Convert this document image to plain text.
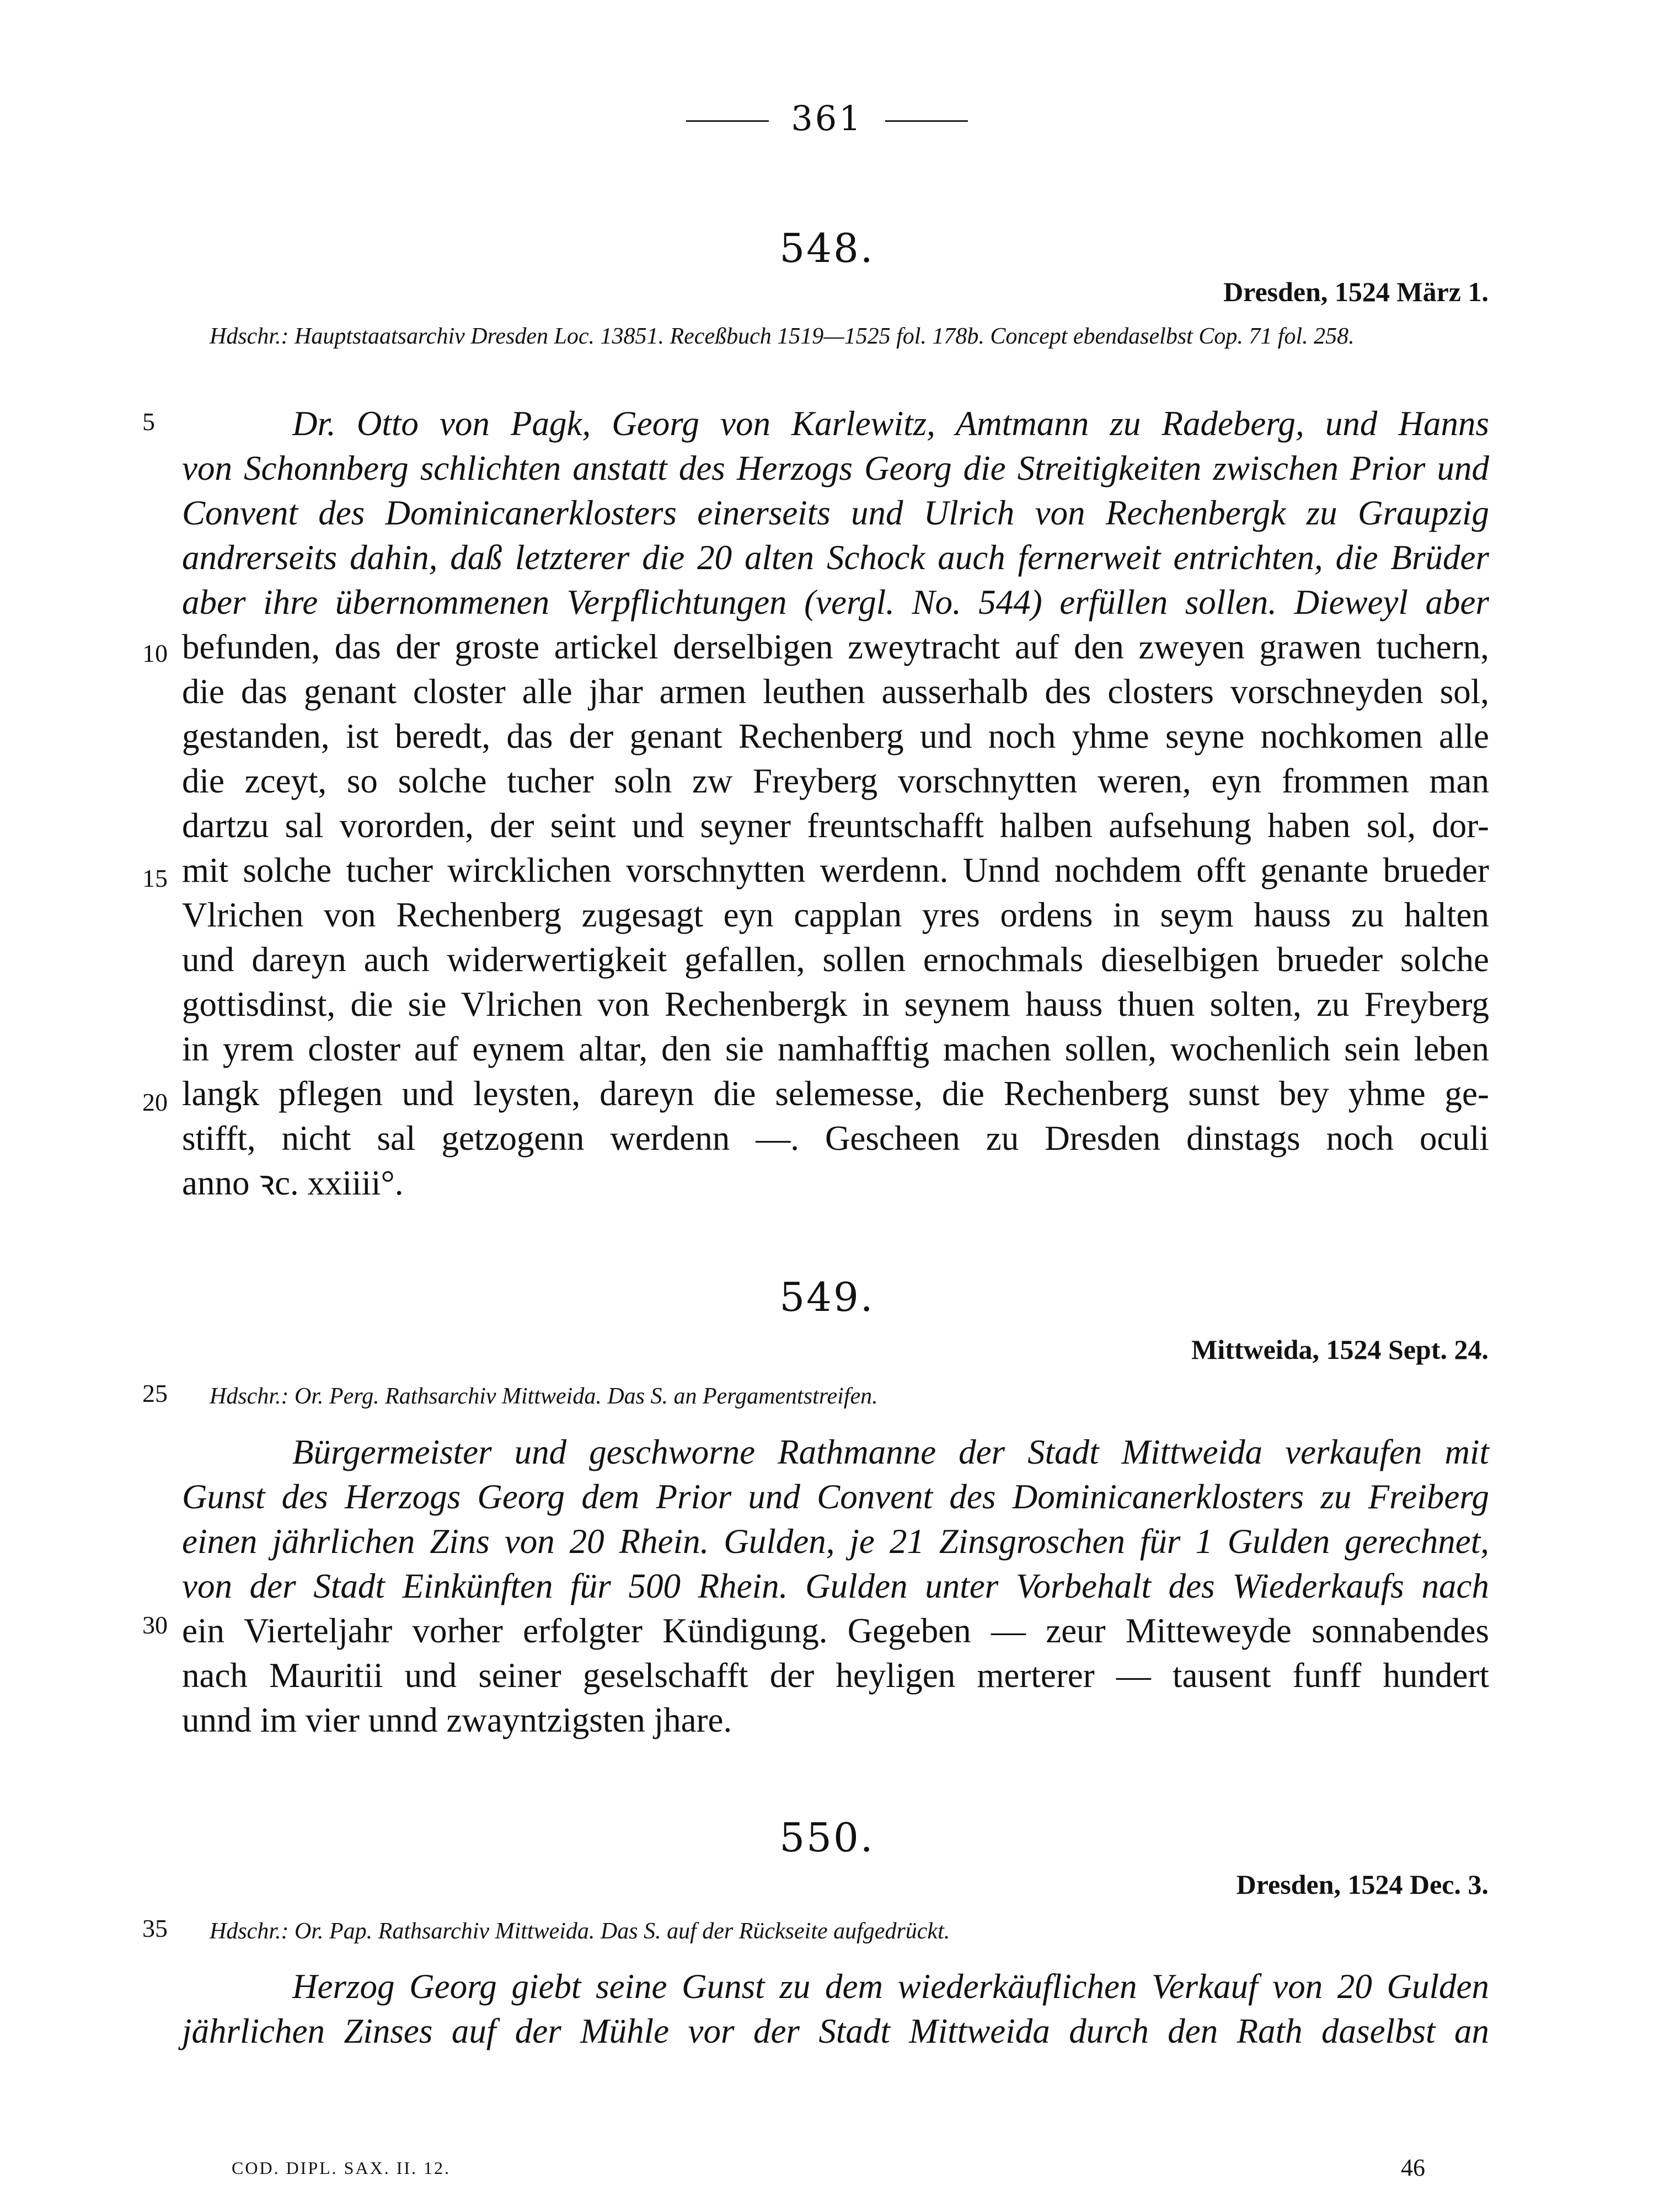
361
548.
Dresden, 1524 März 1.
Hdschr.: Hauptstaatsarchiv Dresden Loc. 13851. Receßbuch 1519—1525 fol. 178b. Concept ebendaselbst Cop. 71 fol. 258.
Dr. Otto von Pagk, Georg von Karlewitz, Amtmann zu Radeberg, und Hanns
von Schonnberg schlichten anstatt des Herzogs Georg die Streitigkeiten zwischen Prior und
Convent des Dominicanerklosters einerseits und Ulrich von Rechenbergk zu Graupzig
andrerseits dahin, daß letzterer die 20 alten Schock auch fernerweit entrichten, die Brüder
aber ihre übernommenen Verpflichtungen (vergl. No. 544) erfüllen sollen. Dieweyl aber
befunden, das der groste artickel derselbigen zweytracht auf den zweyen grawen tuchern,
die das genant closter alle jhar armen leuthen ausserhalb des closters vorschneyden sol,
gestanden, ist beredt, das der genant Rechenberg und noch yhme seyne nochkomen alle
die zceyt, so solche tucher soln zw Freyberg vorschnytten weren, eyn frommen man
dartzu sal vororden, der seint und seyner freuntschafft halben aufsehung haben sol, dor-
mit solche tucher wircklichen vorschnytten werdenn. Unnd nochdem offt genante brueder
Vlrichen von Rechenberg zugesagt eyn capplan yres ordens in seym hauss zu halten
und dareyn auch widerwertigkeit gefallen, sollen ernochmals dieselbigen brueder solche
gottisdinst, die sie Vlrichen von Rechenbergk in seynem hauss thuen solten, zu Freyberg
in yrem closter auf eynem altar, den sie namhafftig machen sollen, wochenlich sein leben
langk pflegen und leysten, dareyn die selemesse, die Rechenberg sunst bey yhme ge-
stifft, nicht sal getzogenn werdenn —. Gescheen zu Dresden dinstags noch oculi
anno ꝛc. xxiiii°.
549.
Mittweida, 1524 Sept. 24.
Hdschr.: Or. Perg. Rathsarchiv Mittweida. Das S. an Pergamentstreifen.
Bürgermeister und geschworne Rathmanne der Stadt Mittweida verkaufen mit
Gunst des Herzogs Georg dem Prior und Convent des Dominicanerklosters zu Freiberg
einen jährlichen Zins von 20 Rhein. Gulden, je 21 Zinsgroschen für 1 Gulden gerechnet,
von der Stadt Einkünften für 500 Rhein. Gulden unter Vorbehalt des Wiederkaufs nach
ein Vierteljahr vorher erfolgter Kündigung. Gegeben — zeur Mitteweyde sonnabendes
nach Mauritii und seiner geselschafft der heyligen merterer — tausent funff hundert
unnd im vier unnd zwayntzigsten jhare.
550.
Dresden, 1524 Dec. 3.
Hdschr.: Or. Pap. Rathsarchiv Mittweida. Das S. auf der Rückseite aufgedrückt.
Herzog Georg giebt seine Gunst zu dem wiederkäuflichen Verkauf von 20 Gulden
jährlichen Zinses auf der Mühle vor der Stadt Mittweida durch den Rath daselbst an
5
10
15
20
25
30
35
COD. DIPL. SAX. II. 12.	46
